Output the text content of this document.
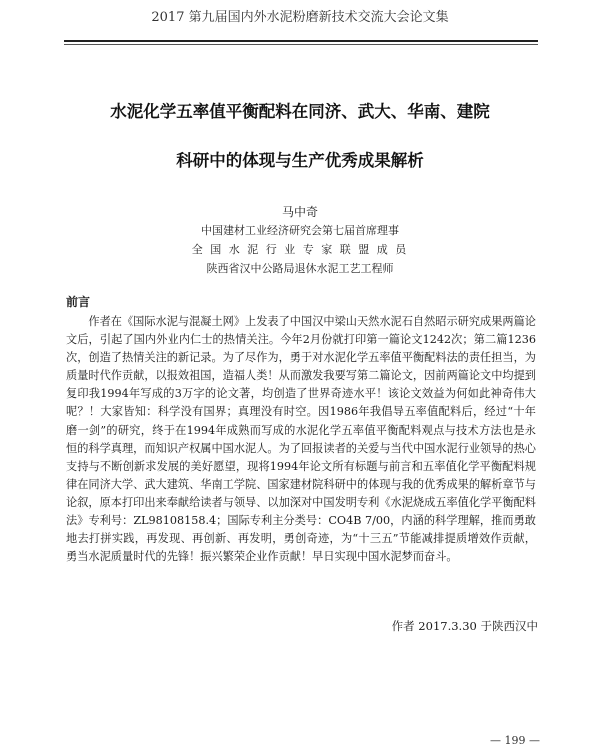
2017 第九届国内外水泥粉磨新技术交流大会论文集
水泥化学五率值平衡配料在同济、武大、华南、建院
科研中的体现与生产优秀成果解析
马中奇
中国建材工业经济研究会第七届首席理事
全 国 水 泥 行 业 专 家 联 盟 成 员
陕西省汉中公路局退休水泥工艺工程师
前言
作者在《国际水泥与混凝土网》上发表了中国汉中梁山天然水泥石自然昭示研究成果两篇论文后，引起了国内外业内仁士的热情关注。今年2月份就打印第一篇论文1242次；第二篇1236次，创造了热情关注的新记录。为了尽作为，勇于对水泥化学五率值平衡配料法的责任担当，为质量时代作贡献，以报效祖国，造福人类！从而激发我要写第二篇论文，因前两篇论文中均提到复印我1994年写成的3万字的论文著，均创造了世界奇迹水平！该论文效益为何如此神奇伟大呢？！大家皆知：科学没有国界；真理没有时空。因1986年我倡导五率值配料后，经过“十年磨一剑”的研究，终于在1994年成熟而写成的水泥化学五率值平衡配料观点与技术方法也是永恒的科学真理，而知识产权属中国水泥人。为了回报读者的关爱与当代中国水泥行业领导的热心支持与不断创新求发展的美好愿望，现将1994年论文所有标题与前言和五率值化学平衡配料规律在同济大学、武大建筑、华南工学院、国家建材院科研中的体现与我的优秀成果的解析章节与论叙，原本打印出来奉献给读者与领导、以加深对中国发明专利《水泥烧成五率值化学平衡配料法》专利号：ZL98108158.4；国际专利主分类号：CO4B 7/00，内涵的科学理解，推而勇敢地去打拼实践，再发现、再创新、再发明，勇创奇迹，为“十三五”节能减排提质增效作贡献，勇当水泥质量时代的先锋！振兴繁荣企业作贡献！早日实现中国水泥梦而奋斗。
作者 2017.3.30 于陕西汉中
— 199 —
